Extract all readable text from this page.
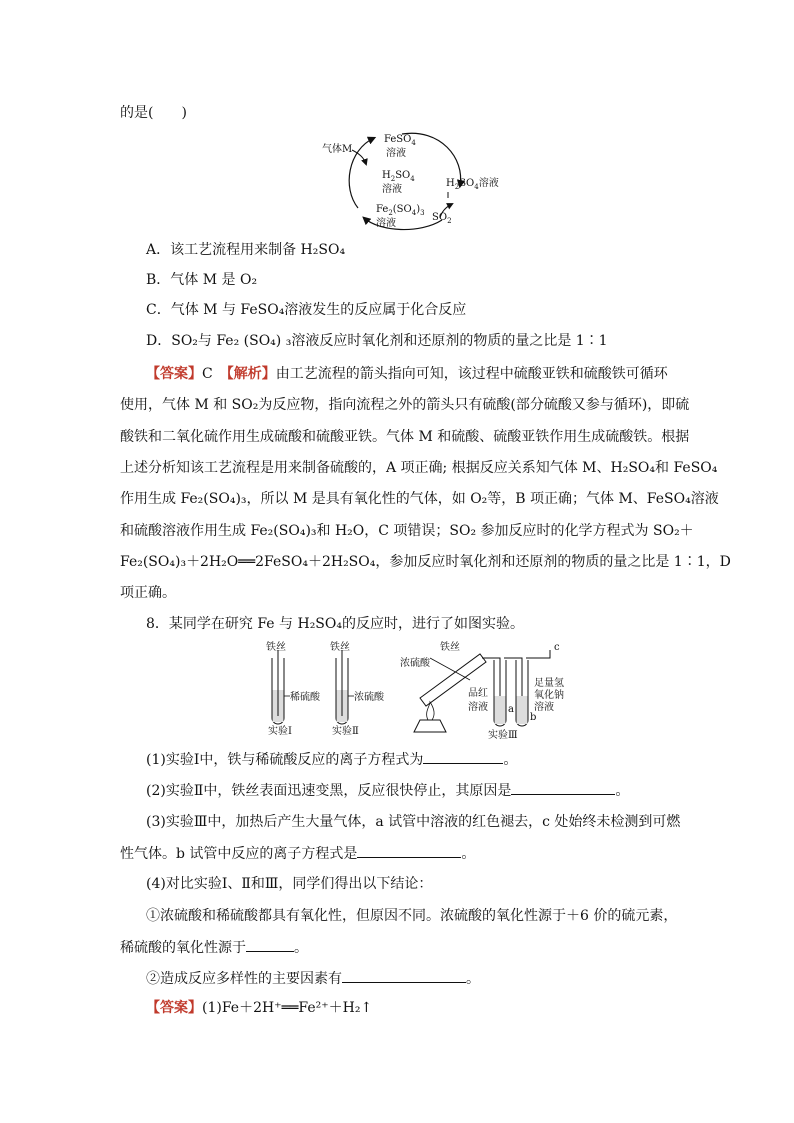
的是(　　)
气体M
FeSO$_4$
溶液
$H_2SO_4$
溶液
$Fe_2(SO_4)_3$
溶液
$H_2SO_4$溶液
$SO_2$
A．该工艺流程用来制备 H₂SO₄
B．气体 M 是 O₂
C．气体 M 与 FeSO₄溶液发生的反应属于化合反应
D．SO₂与 Fe₂ (SO₄) ₃溶液反应时氧化剂和还原剂的物质的量之比是 1∶1
【答案】C　 【解析】由工艺流程的箭头指向可知，该过程中硫酸亚铁和硫酸铁可循环
使用，气体 M 和 SO₂为反应物，指向流程之外的箭头只有硫酸(部分硫酸又参与循环)，即硫
酸铁和二氧化硫作用生成硫酸和硫酸亚铁。气体 M 和硫酸、硫酸亚铁作用生成硫酸铁。根据
上述分析知该工艺流程是用来制备硫酸的，A 项正确; 根据反应关系知气体 M、H₂SO₄和 FeSO₄
作用生成 Fe₂(SO₄)₃，所以 M 是具有氧化性的气体，如 O₂等，B 项正确；气体 M、FeSO₄溶液
和硫酸溶液作用生成 Fe₂(SO₄)₃和 H₂O，C 项错误；SO₂ 参加反应时的化学方程式为 SO₂＋
Fe₂(SO₄)₃＋2H₂O══2FeSO₄＋2H₂SO₄，参加反应时氧化剂和还原剂的物质的量之比是 1∶1，D
项正确。
8．某同学在研究 Fe 与 H₂SO₄的反应时，进行了如图实验。
铁丝
稀硫酸
实验Ⅰ
铁丝
浓硫酸
实验Ⅱ
浓硫酸
铁丝	c
品红
溶液 a
b
足量氢
氧化钠
溶液
实验Ⅲ
(1)实验Ⅰ中，铁与稀硫酸反应的离子方程式为	。
(2)实验Ⅱ中，铁丝表面迅速变黑，反应很快停止，其原因是	。
(3)实验Ⅲ中，加热后产生大量气体，a 试管中溶液的红色褪去，c 处始终未检测到可燃
性气体。b 试管中反应的离子方程式是	。
(4)对比实验Ⅰ、Ⅱ和Ⅲ，同学们得出以下结论：
①浓硫酸和稀硫酸都具有氧化性，但原因不同。浓硫酸的氧化性源于＋6 价的硫元素，
稀硫酸的氧化性源于	。
②造成反应多样性的主要因素有	。
【答案】(1)Fe＋2H⁺══Fe²⁺＋H₂↑
